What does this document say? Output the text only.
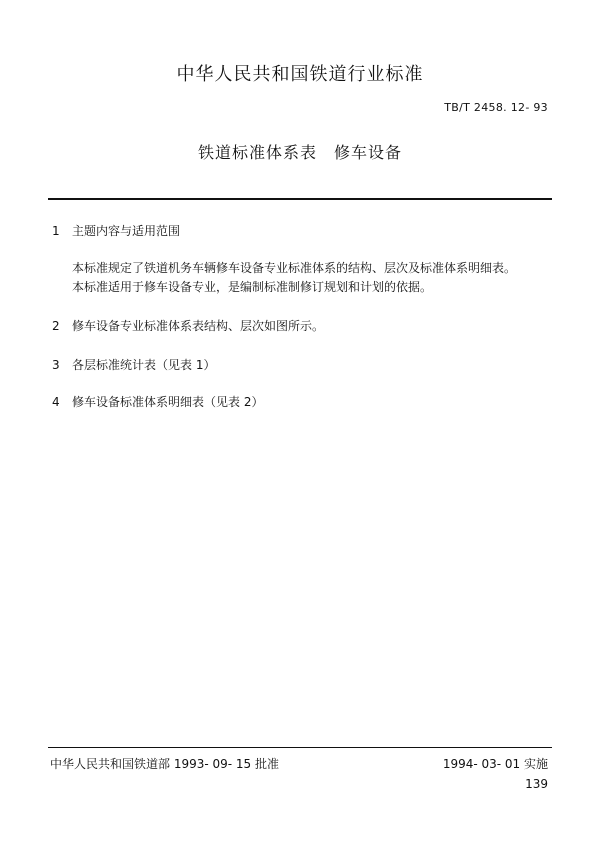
中华人民共和国铁道行业标准
TB/T 2458. 12- 93
铁道标准体系表　修车设备
1 主题内容与适用范围
本标准规定了铁道机务车辆修车设备专业标准体系的结构、层次及标准体系明细表。
本标准适用于修车设备专业，是编制标准制修订规划和计划的依据。
2 修车设备专业标准体系表结构、层次如图所示。
3 各层标准统计表（见表 1）
4 修车设备标准体系明细表（见表 2）
中华人民共和国铁道部 1993- 09- 15 批准	1994- 03- 01 实施
139
